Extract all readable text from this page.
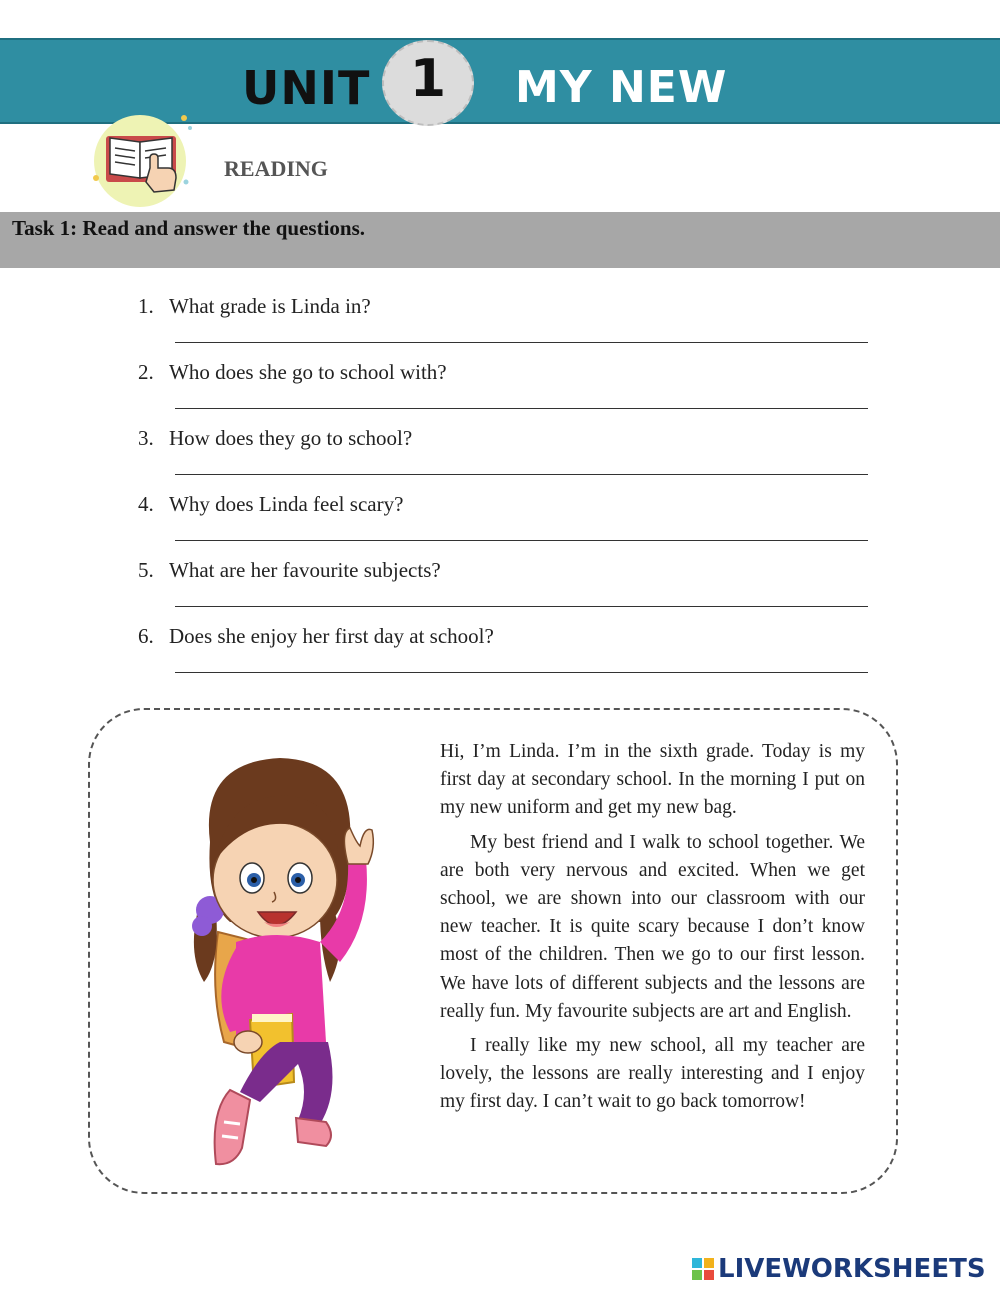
UNIT 1	MY NEW SCHOOL
READING
Task 1: Read and answer the questions.
1. What grade is Linda in?
2. Who does she go to school with?
3. How does they go to school?
4. Why does Linda feel scary?
5. What are her favourite subjects?
6. Does she enjoy her first day at school?

Hi, I’m Linda. I’m in the sixth grade. Today is my first day at secondary school. In the morning I put on my new uniform and get my new bag.

My best friend and I walk to school together. We are both very nervous and excited. When we get school, we are shown into our classroom with our new teacher. It is quite scary because I don’t know most of the children. Then we go to our first lesson. We have lots of different subjects and the lessons are really fun. My favourite subjects are art and English.

I really like my new school, all my teacher are lovely, the lessons are really interesting and I enjoy my first day. I can’t wait to go back tomorrow!

LIVEWORKSHEETS
